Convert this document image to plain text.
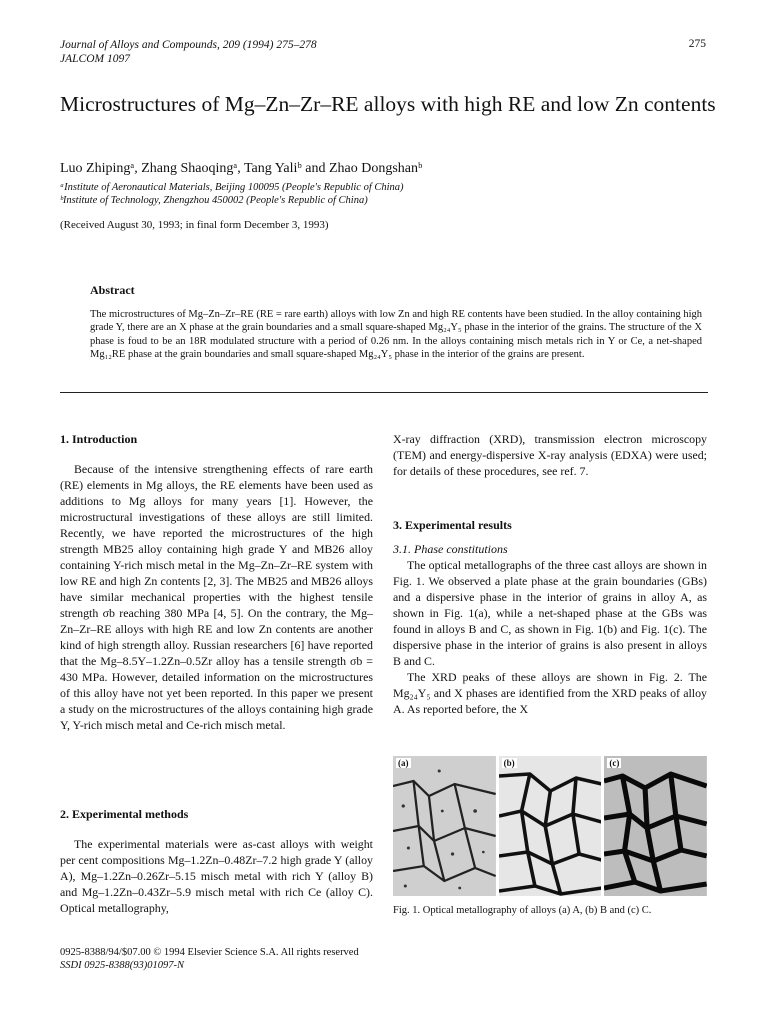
Journal of Alloys and Compounds, 209 (1994) 275–278
JALCOM 1097
275
Microstructures of Mg–Zn–Zr–RE alloys with high RE and low Zn contents
Luo Zhipingᵃ, Zhang Shaoqingᵃ, Tang Yaliᵇ and Zhao Dongshanᵇ
ᵃInstitute of Aeronautical Materials, Beijing 100095 (People's Republic of China)
ᵇInstitute of Technology, Zhengzhou 450002 (People's Republic of China)
(Received August 30, 1993; in final form December 3, 1993)
Abstract
The microstructures of Mg–Zn–Zr–RE (RE = rare earth) alloys with low Zn and high RE contents have been studied. In the alloy containing high grade Y, there are an X phase at the grain boundaries and a small square-shaped Mg₂₄Y₅ phase in the interior of the grains. The structure of the X phase is foud to be an 18R modulated structure with a period of 0.26 nm. In the alloys containing misch metals rich in Y or Ce, a net-shaped Mg₁₂RE phase at the grain boundaries and small square-shaped Mg₂₄Y₅ phase in the interior of the grains are present.
1. Introduction

Because of the intensive strengthening effects of rare earth (RE) elements in Mg alloys, the RE elements have been used as additions to Mg alloys for many years [1]. However, the microstructural investigations of these alloys are still limited. Recently, we have reported the microstructures of the high strength MB25 alloy containing high grade Y and MB26 alloy containing Y-rich misch metal in the Mg–Zn–Zr–RE system with low RE and high Zn contents [2, 3]. The MB25 and MB26 alloys have similar mechanical properties with the highest tensile strength σb reaching 380 MPa [4, 5]. On the contrary, the Mg–Zn–Zr–RE alloys with high RE and low Zn contents are another kind of high strength alloy. Russian researchers [6] have reported that the Mg–8.5Y–1.2Zn–0.5Zr alloy has a tensile strength σb = 430 MPa. However, detailed information on the microstructures of this alloy have not yet been reported. In this paper we present a study on the microstructures of the alloys containing high grade Y, Y-rich misch metal and Ce-rich misch metal.

2. Experimental methods

The experimental materials were as-cast alloys with weight per cent compositions Mg–1.2Zn–0.48Zr–7.2 high grade Y (alloy A), Mg–1.2Zn–0.26Zr–5.15 misch metal with rich Y (alloy B) and Mg–1.2Zn–0.43Zr–5.9 misch metal with rich Ce (alloy C). Optical metallography,

X-ray diffraction (XRD), transmission electron microscopy (TEM) and energy-dispersive X-ray analysis (EDXA) were used; for details of these procedures, see ref. 7.

3. Experimental results
3.1. Phase constitutions

The optical metallographs of the three cast alloys are shown in Fig. 1. We observed a plate phase at the grain boundaries (GBs) and a dispersive phase in the interior of grains in alloy A, as shown in Fig. 1(a), while a net-shaped phase at the GBs was found in alloys B and C, as shown in Fig. 1(b) and Fig. 1(c). The dispersive phase in the interior of grains is also present in alloys B and C.

The XRD peaks of these alloys are shown in Fig. 2. The Mg₂₄Y₅ and X phases are identified from the XRD peaks of alloy A. As reported before, the X

(a)	(b)	(c)
Fig. 1. Optical metallography of alloys (a) A, (b) B and (c) C.
0925-8388/94/$07.00 © 1994 Elsevier Science S.A. All rights reserved
SSDI 0925-8388(93)01097-N
